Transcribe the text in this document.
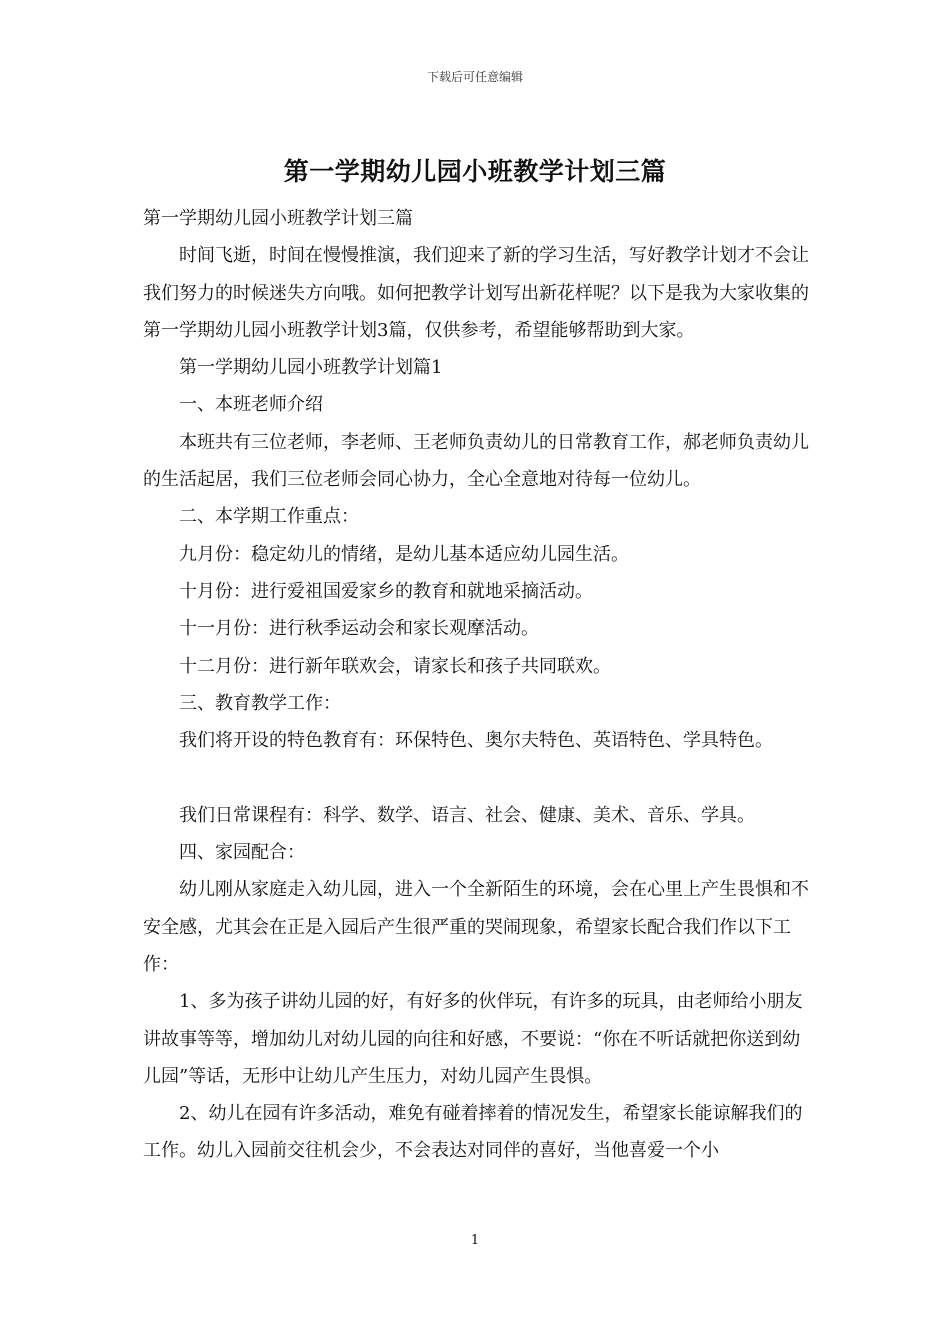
下载后可任意编辑
第一学期幼儿园小班教学计划三篇

第一学期幼儿园小班教学计划三篇

时间飞逝，时间在慢慢推演，我们迎来了新的学习生活，写好教学计划才不会让我们努力的时候迷失方向哦。如何把教学计划写出新花样呢？以下是我为大家收集的第一学期幼儿园小班教学计划3篇，仅供参考，希望能够帮助到大家。

第一学期幼儿园小班教学计划篇1

一、本班老师介绍

本班共有三位老师，李老师、王老师负责幼儿的日常教育工作，郝老师负责幼儿的生活起居，我们三位老师会同心协力，全心全意地对待每一位幼儿。

二、本学期工作重点：

九月份：稳定幼儿的情绪，是幼儿基本适应幼儿园生活。

十月份：进行爱祖国爱家乡的教育和就地采摘活动。

十一月份：进行秋季运动会和家长观摩活动。

十二月份：进行新年联欢会，请家长和孩子共同联欢。

三、教育教学工作：

我们将开设的特色教育有：环保特色、奥尔夫特色、英语特色、学具特色。

我们日常课程有：科学、数学、语言、社会、健康、美术、音乐、学具。

四、家园配合：

幼儿刚从家庭走入幼儿园，进入一个全新陌生的环境，会在心里上产生畏惧和不安全感，尤其会在正是入园后产生很严重的哭闹现象，希望家长配合我们作以下工作：

1、多为孩子讲幼儿园的好，有好多的伙伴玩，有许多的玩具，由老师给小朋友讲故事等等，增加幼儿对幼儿园的向往和好感，不要说：“你在不听话就把你送到幼儿园”等话，无形中让幼儿产生压力，对幼儿园产生畏惧。

2、幼儿在园有许多活动，难免有碰着摔着的情况发生，希望家长能谅解我们的工作。幼儿入园前交往机会少，不会表达对同伴的喜好，当他喜爱一个小

1
